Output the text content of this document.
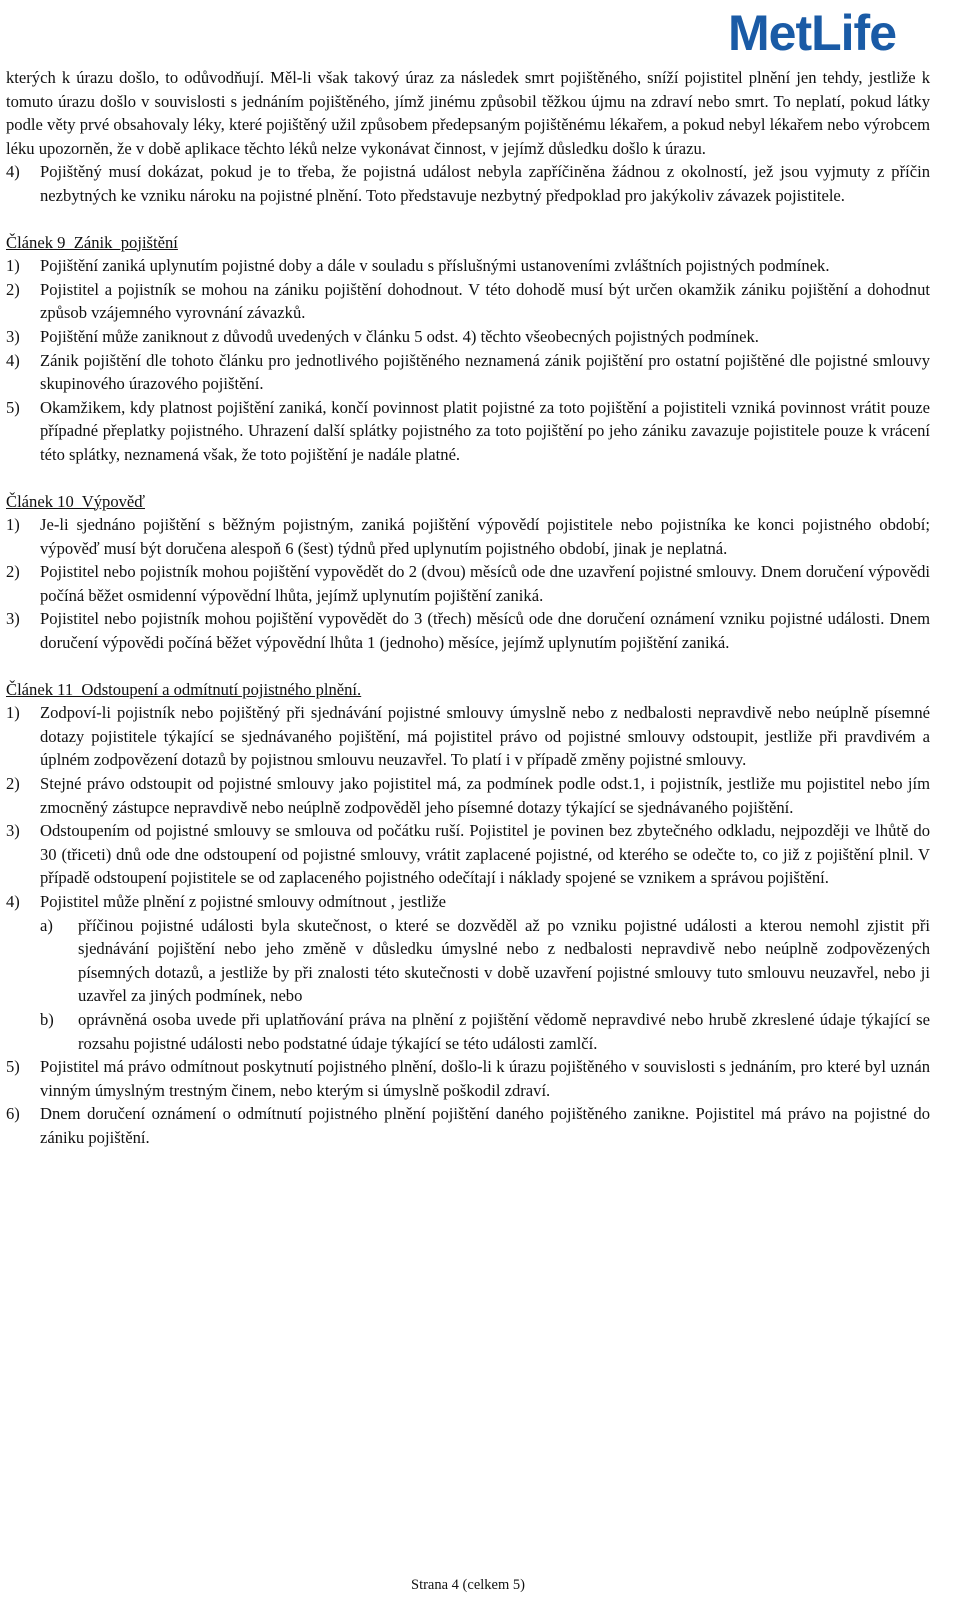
MetLife

kterých k úrazu došlo, to odůvodňují. Měl-li však takový úraz za následek smrt pojištěného, sníží pojistitel plnění jen tehdy, jestliže k tomuto úrazu došlo v souvislosti s jednáním pojištěného, jímž jinému způsobil těžkou újmu na zdraví nebo smrt. To neplatí, pokud látky podle věty prvé obsahovaly léky, které pojištěný užil způsobem předepsaným pojištěnému lékařem, a pokud nebyl lékařem nebo výrobcem léku upozorněn, že v době aplikace těchto léků nelze vykonávat činnost, v jejímž důsledku došlo k úrazu.

4)	Pojištěný musí dokázat, pokud je to třeba, že pojistná událost nebyla zapříčiněna žádnou z okolností, jež jsou vyjmuty z příčin nezbytných ke vzniku nároku na pojistné plnění. Toto představuje nezbytný předpoklad pro jakýkoliv závazek pojistitele.

Článek 9  Zánik  pojištění

1)	Pojištění zaniká uplynutím pojistné doby a dále v souladu s příslušnými ustanoveními zvláštních pojistných podmínek.
2)	Pojistitel a pojistník se mohou na zániku pojištění dohodnout. V této dohodě musí být určen okamžik zániku pojištění a dohodnut způsob vzájemného vyrovnání závazků.
3)	Pojištění může zaniknout z důvodů uvedených v článku 5 odst. 4) těchto všeobecných pojistných podmínek.
4)	Zánik pojištění dle tohoto článku pro jednotlivého pojištěného neznamená zánik pojištění pro ostatní pojištěné dle pojistné smlouvy skupinového úrazového pojištění.
5)	Okamžikem, kdy platnost pojištění zaniká, končí povinnost platit pojistné za toto pojištění a pojistiteli vzniká povinnost vrátit pouze případné přeplatky pojistného. Uhrazení další splátky pojistného za toto pojištění po jeho zániku zavazuje pojistitele pouze k vrácení této splátky, neznamená však, že toto pojištění je nadále platné.

Článek 10  Výpověď

1)	Je-li sjednáno pojištění s běžným pojistným, zaniká pojištění výpovědí pojistitele nebo pojistníka ke konci pojistného období; výpověď musí být doručena alespoň 6 (šest) týdnů před uplynutím pojistného období, jinak je neplatná.
2)	Pojistitel nebo pojistník mohou pojištění vypovědět do 2 (dvou) měsíců ode dne uzavření pojistné smlouvy. Dnem doručení výpovědi počíná běžet osmidenní výpovědní lhůta, jejímž uplynutím pojištění zaniká.
3)	Pojistitel nebo pojistník mohou pojištění vypovědět do 3 (třech) měsíců ode dne doručení oznámení vzniku pojistné události. Dnem doručení výpovědi počíná běžet výpovědní lhůta 1 (jednoho) měsíce, jejímž uplynutím pojištění zaniká.

Článek 11  Odstoupení a odmítnutí pojistného plnění.

1)	Zodpoví-li pojistník nebo pojištěný při sjednávání pojistné smlouvy úmyslně nebo z nedbalosti nepravdivě nebo neúplně písemné dotazy pojistitele týkající se sjednávaného pojištění, má pojistitel právo od pojistné smlouvy odstoupit, jestliže při pravdivém a úplném zodpovězení dotazů by pojistnou smlouvu neuzavřel. To platí i v případě změny pojistné smlouvy.
2)	Stejné právo odstoupit od pojistné smlouvy jako pojistitel má, za podmínek podle odst.1, i pojistník, jestliže mu pojistitel nebo jím zmocněný zástupce nepravdivě nebo neúplně zodpověděl jeho písemné dotazy týkající se sjednávaného pojištění.
3)	Odstoupením od pojistné smlouvy se smlouva od počátku ruší. Pojistitel je povinen bez zbytečného odkladu, nejpozději ve lhůtě do 30 (třiceti) dnů ode dne odstoupení od pojistné smlouvy, vrátit zaplacené pojistné, od kterého se odečte to, co již z pojištění plnil. V případě odstoupení pojistitele se od zaplaceného pojistného odečítají i náklady spojené se vznikem a správou pojištění.
4)	Pojistitel může plnění z pojistné smlouvy odmítnout , jestliže
a)	příčinou pojistné události byla skutečnost, o které se dozvěděl až po vzniku pojistné události a kterou nemohl zjistit při sjednávání pojištění nebo jeho změně v důsledku úmyslné nebo z nedbalosti nepravdivě nebo neúplně zodpovězených písemných dotazů, a jestliže by při znalosti této skutečnosti v době uzavření pojistné smlouvy tuto smlouvu neuzavřel, nebo ji uzavřel za jiných podmínek, nebo
b)	oprávněná osoba uvede při uplatňování práva na plnění z pojištění vědomě nepravdivé nebo hrubě zkreslené údaje týkající se rozsahu pojistné události nebo podstatné údaje týkající se této události zamlčí.
5)	Pojistitel má právo odmítnout poskytnutí pojistného plnění, došlo-li k úrazu pojištěného v souvislosti s jednáním, pro které byl uznán vinným úmyslným trestným činem, nebo kterým si úmyslně poškodil zdraví.
6)	Dnem doručení oznámení o odmítnutí pojistného plnění pojištění daného pojištěného zanikne. Pojistitel má právo na pojistné do zániku pojištění.
Strana 4 (celkem 5)
